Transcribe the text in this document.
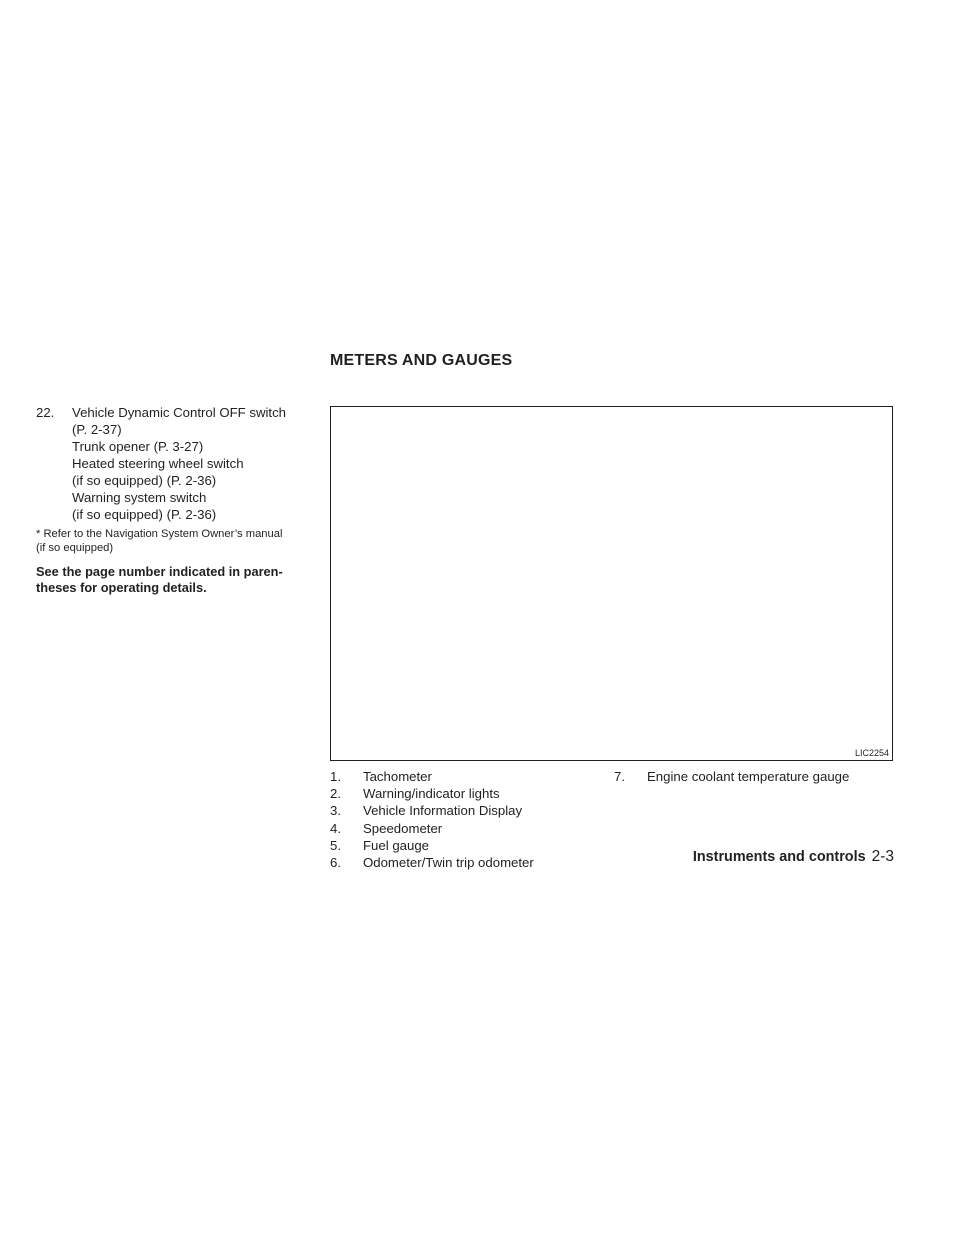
METERS AND GAUGES
22.	Vehicle Dynamic Control OFF switch
(P. 2-37)
Trunk opener (P. 3-27)
Heated steering wheel switch
(if so equipped) (P. 2-36)
Warning system switch
(if so equipped) (P. 2-36)
* Refer to the Navigation System Owner’s manual
(if so equipped)
See the page number indicated in paren-
theses for operating details.
LIC2254
1.	Tachometer
2.	Warning/indicator lights
3.	Vehicle Information Display
4.	Speedometer
5.	Fuel gauge
6.	Odometer/Twin trip odometer
7.	Engine coolant temperature gauge
Instruments and controls 2-3
